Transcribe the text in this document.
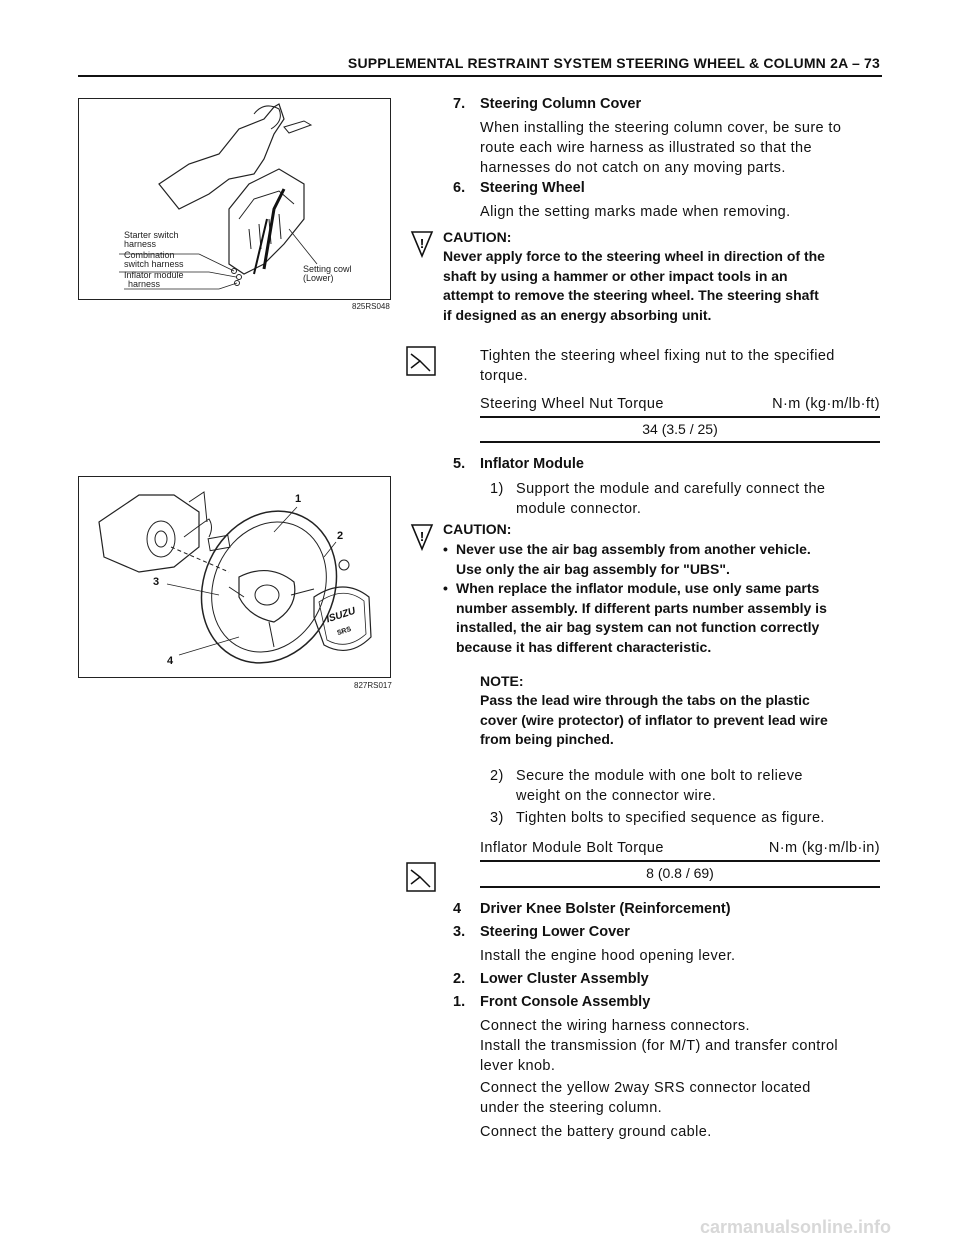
SUPPLEMENTAL RESTRAINT SYSTEM STEERING WHEEL & COLUMN 2A – 73
Starter switch
harness
Combination
switch harness
Inflator module
harness
Setting cowl
(Lower)
825RS048
1
2
3
4
ISUZU
SRS
827RS017
7. Steering Column Cover
When installing the steering column cover, be sure to
route each wire harness as illustrated so that the
harnesses do not catch on any moving parts.
6. Steering Wheel
Align the setting marks made when removing.
! CAUTION:
Never apply force to the steering wheel in direction of the
shaft by using a hammer or other impact tools in an
attempt to remove the steering wheel. The steering shaft
if designed as an energy absorbing unit.
Tighten the steering wheel fixing nut to the specified
torque.
Steering Wheel Nut Torque	N·m (kg·m/lb·ft)
34 (3.5 / 25)
5. Inflator Module
1) Support the module and carefully connect the
module connector.
! CAUTION:
• Never use the air bag assembly from another vehicle.
Use only the air bag assembly for "UBS".
• When replace the inflator module, use only same parts
number assembly. If different parts number assembly is
installed, the air bag system can not function correctly
because it has different characteristic.
NOTE:
Pass the lead wire through the tabs on the plastic
cover (wire protector) of inflator to prevent lead wire
from being pinched.
2) Secure the module with one bolt to relieve
weight on the connector wire.
3) Tighten bolts to specified sequence as figure.
Inflator Module Bolt Torque	N·m (kg·m/lb·in)
8 (0.8 / 69)
4 Driver Knee Bolster (Reinforcement)
3. Steering Lower Cover
Install the engine hood opening lever.
2. Lower Cluster Assembly
1. Front Console Assembly
Connect the wiring harness connectors.
Install the transmission (for M/T) and transfer control
lever knob.
Connect the yellow 2way SRS connector located
under the steering column.
Connect the battery ground cable.
carmanualsonline.info
